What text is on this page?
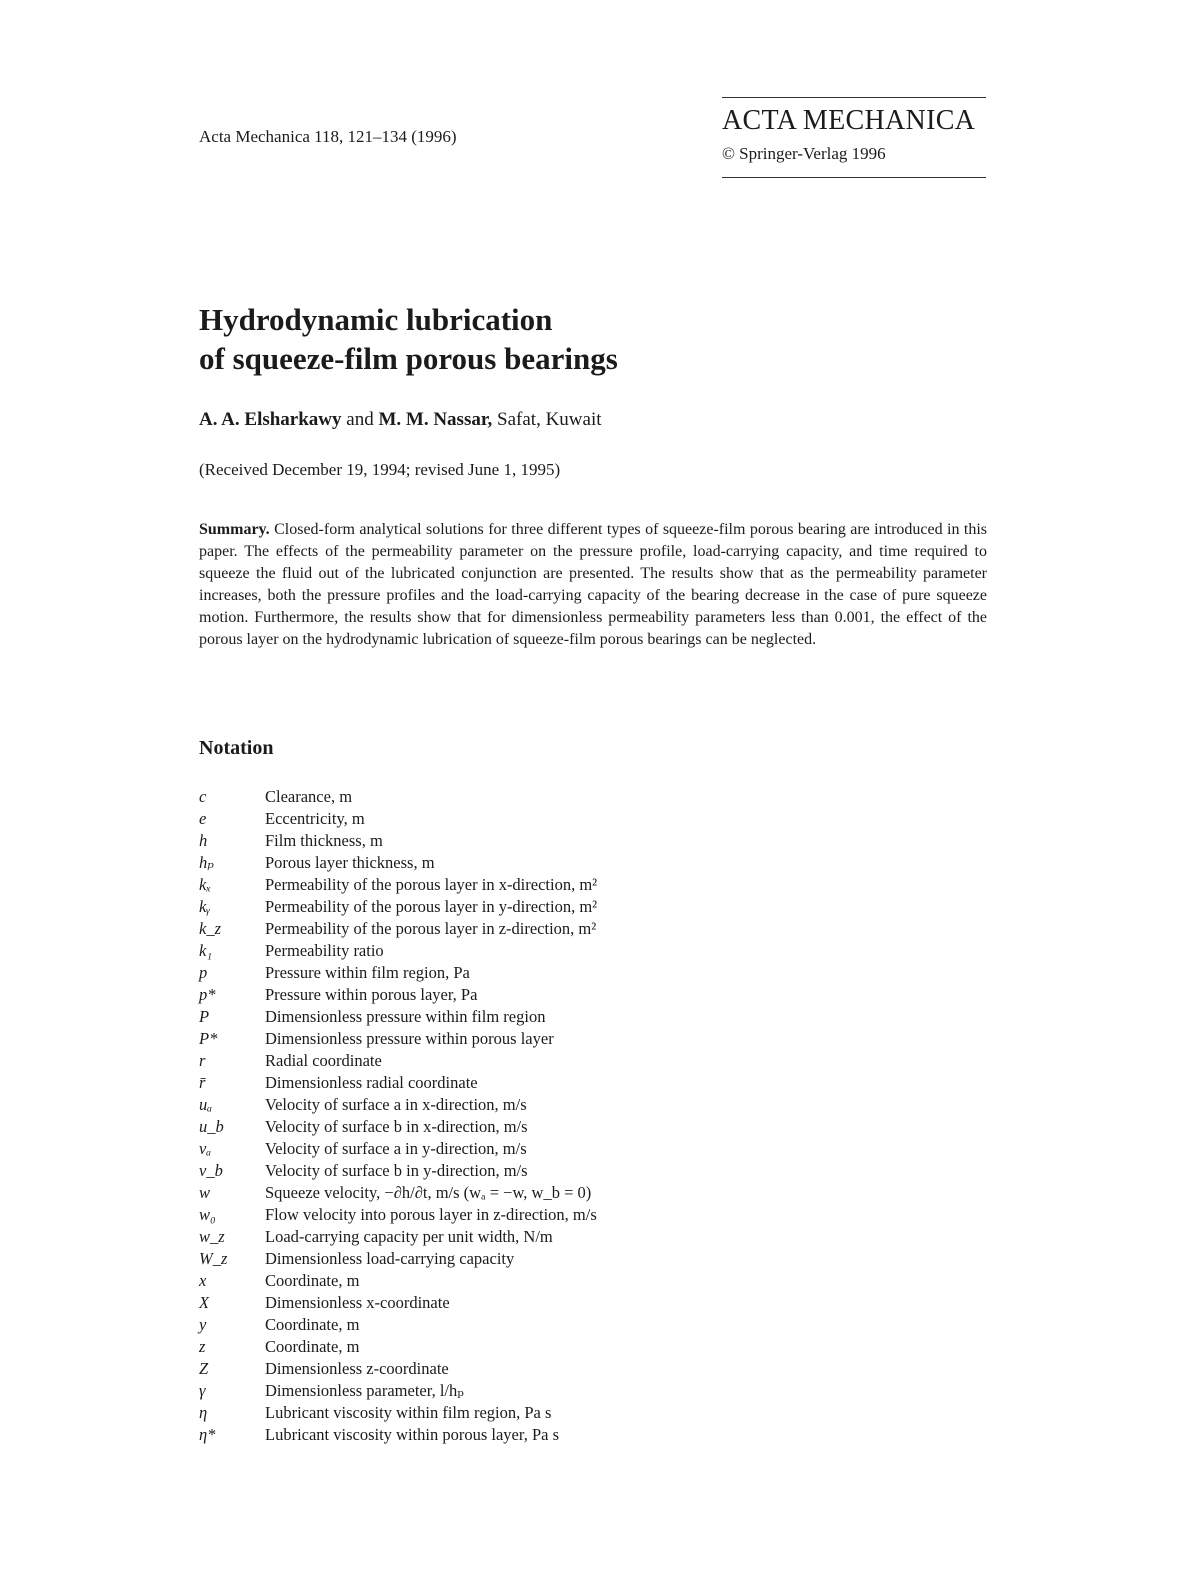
Acta Mechanica 118, 121–134 (1996)
ACTA MECHANICA
© Springer-Verlag 1996
Hydrodynamic lubrication
of squeeze-film porous bearings
A. A. Elsharkawy and M. M. Nassar, Safat, Kuwait
(Received December 19, 1994; revised June 1, 1995)
Summary. Closed-form analytical solutions for three different types of squeeze-film porous bearing are introduced in this paper. The effects of the permeability parameter on the pressure profile, load-carrying capacity, and time required to squeeze the fluid out of the lubricated conjunction are presented. The results show that as the permeability parameter increases, both the pressure profiles and the load-carrying capacity of the bearing decrease in the case of pure squeeze motion. Furthermore, the results show that for dimensionless permeability parameters less than 0.001, the effect of the porous layer on the hydrodynamic lubrication of squeeze-film porous bearings can be neglected.
Notation
c	Clearance, m
e	Eccentricity, m
h	Film thickness, m
hₚ	Porous layer thickness, m
kₓ	Permeability of the porous layer in x-direction, m²
kᵧ	Permeability of the porous layer in y-direction, m²
k_z	Permeability of the porous layer in z-direction, m²
k₁	Permeability ratio
p	Pressure within film region, Pa
p*	Pressure within porous layer, Pa
P	Dimensionless pressure within film region
P*	Dimensionless pressure within porous layer
r	Radial coordinate
r̄	Dimensionless radial coordinate
uₐ	Velocity of surface a in x-direction, m/s
u_b	Velocity of surface b in x-direction, m/s
vₐ	Velocity of surface a in y-direction, m/s
v_b	Velocity of surface b in y-direction, m/s
w	Squeeze velocity, −∂h/∂t, m/s (wₐ = −w, w_b = 0)
w₀	Flow velocity into porous layer in z-direction, m/s
w_z	Load-carrying capacity per unit width, N/m
W_z	Dimensionless load-carrying capacity
x	Coordinate, m
X	Dimensionless x-coordinate
y	Coordinate, m
z	Coordinate, m
Z	Dimensionless z-coordinate
γ	Dimensionless parameter, l/hₚ
η	Lubricant viscosity within film region, Pa s
η*	Lubricant viscosity within porous layer, Pa s
